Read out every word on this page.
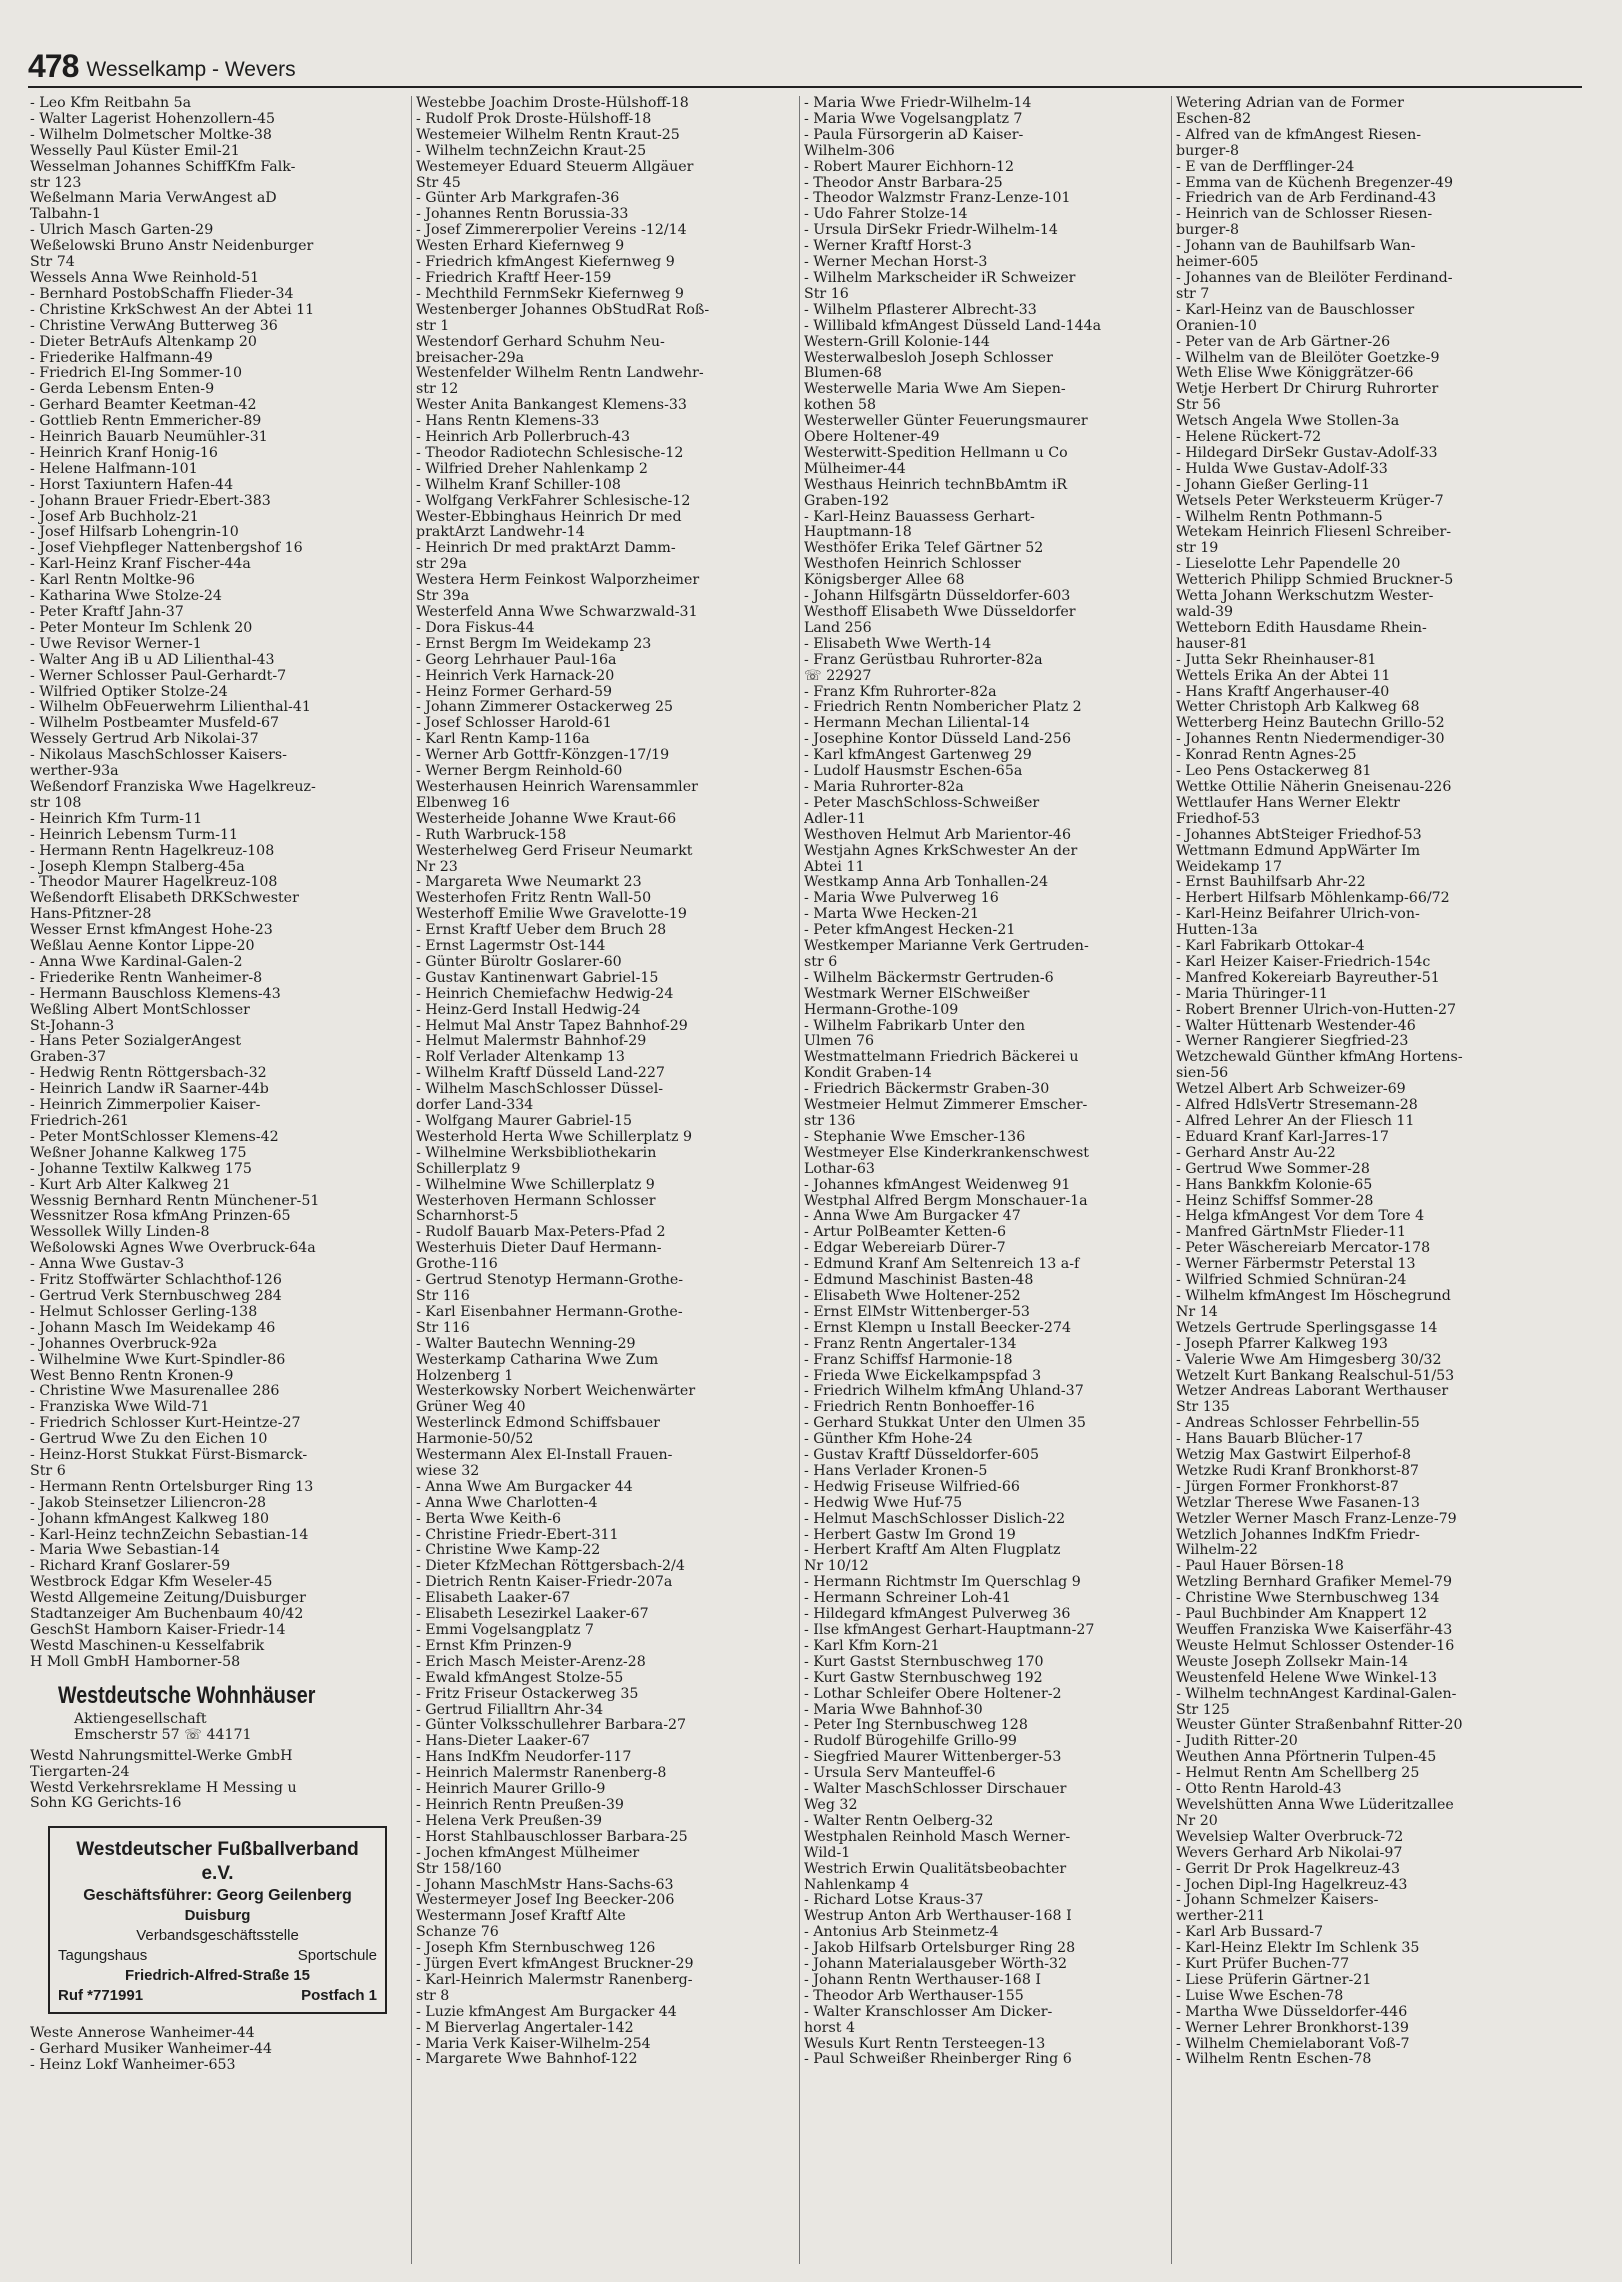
478 Wesselkamp - Wevers
- Leo Kfm Reitbahn 5a
- Walter Lagerist Hohenzollern-45
- Wilhelm Dolmetscher Moltke-38
Wesselly Paul Küster Emil-21
Wesselman Johannes SchiffKfm Falk-
str 123
Weßelmann Maria VerwAngest aD
Talbahn-1
- Ulrich Masch Garten-29
Weßelowski Bruno Anstr Neidenburger
Str 74
Wessels Anna Wwe Reinhold-51
- Bernhard PostobSchaffn Flieder-34
- Christine KrkSchwest An der Abtei 11
- Christine VerwAng Butterweg 36
- Dieter BetrAufs Altenkamp 20
- Friederike Halfmann-49
- Friedrich El-Ing Sommer-10
- Gerda Lebensm Enten-9
- Gerhard Beamter Keetman-42
- Gottlieb Rentn Emmericher-89
- Heinrich Bauarb Neumühler-31
- Heinrich Kranf Honig-16
- Helene Halfmann-101
- Horst Taxiuntern Hafen-44
- Johann Brauer Friedr-Ebert-383
- Josef Arb Buchholz-21
- Josef Hilfsarb Lohengrin-10
- Josef Viehpfleger Nattenbergshof 16
- Karl-Heinz Kranf Fischer-44a
- Karl Rentn Moltke-96
- Katharina Wwe Stolze-24
- Peter Kraftf Jahn-37
- Peter Monteur Im Schlenk 20
- Uwe Revisor Werner-1
- Walter Ang iB u AD Lilienthal-43
- Werner Schlosser Paul-Gerhardt-7
- Wilfried Optiker Stolze-24
- Wilhelm ObFeuerwehrm Lilienthal-41
- Wilhelm Postbeamter Musfeld-67
Wessely Gertrud Arb Nikolai-37
- Nikolaus MaschSchlosser Kaisers-
werther-93a
Weßendorf Franziska Wwe Hagelkreuz-
str 108
- Heinrich Kfm Turm-11
- Heinrich Lebensm Turm-11
- Hermann Rentn Hagelkreuz-108
- Joseph Klempn Stalberg-45a
- Theodor Maurer Hagelkreuz-108
Weßendorft Elisabeth DRKSchwester
Hans-Pfitzner-28
Wesser Ernst kfmAngest Hohe-23
Weßlau Aenne Kontor Lippe-20
- Anna Wwe Kardinal-Galen-2
- Friederike Rentn Wanheimer-8
- Hermann Bauschloss Klemens-43
Weßling Albert MontSchlosser
St-Johann-3
- Hans Peter SozialgerAngest
Graben-37
- Hedwig Rentn Röttgersbach-32
- Heinrich Landw iR Saarner-44b
- Heinrich Zimmerpolier Kaiser-
Friedrich-261
- Peter MontSchlosser Klemens-42
Weßner Johanne Kalkweg 175
- Johanne Textilw Kalkweg 175
- Kurt Arb Alter Kalkweg 21
Wessnig Bernhard Rentn Münchener-51
Wessnitzer Rosa kfmAng Prinzen-65
Wessollek Willy Linden-8
Weßolowski Agnes Wwe Overbruck-64a
- Anna Wwe Gustav-3
- Fritz Stoffwärter Schlachthof-126
- Gertrud Verk Sternbuschweg 284
- Helmut Schlosser Gerling-138
- Johann Masch Im Weidekamp 46
- Johannes Overbruck-92a
- Wilhelmine Wwe Kurt-Spindler-86
West Benno Rentn Kronen-9
- Christine Wwe Masurenallee 286
- Franziska Wwe Wild-71
- Friedrich Schlosser Kurt-Heintze-27
- Gertrud Wwe Zu den Eichen 10
- Heinz-Horst Stukkat Fürst-Bismarck-
Str 6
- Hermann Rentn Ortelsburger Ring 13
- Jakob Steinsetzer Liliencron-28
- Johann kfmAngest Kalkweg 180
- Karl-Heinz technZeichn Sebastian-14
- Maria Wwe Sebastian-14
- Richard Kranf Goslarer-59
Westbrock Edgar Kfm Weseler-45
Westd Allgemeine Zeitung/Duisburger
Stadtanzeiger Am Buchenbaum 40/42
GeschSt Hamborn Kaiser-Friedr-14
Westd Maschinen-u Kesselfabrik
H Moll GmbH Hamborner-58
Westdeutsche Wohnhäuser
Aktiengesellschaft
Emscherstr 57 ☏ 44171
Westd Nahrungsmittel-Werke GmbH
Tiergarten-24
Westd Verkehrsreklame H Messing u
Sohn KG Gerichts-16
Westdeutscher Fußballverband e.V.
Geschäftsführer: Georg Geilenberg
Duisburg
Verbandsgeschäftsstelle
Tagungshaus	Sportschule
Friedrich-Alfred-Straße 15
Ruf *771991	Postfach 1
Weste Annerose Wanheimer-44
- Gerhard Musiker Wanheimer-44
- Heinz Lokf Wanheimer-653
Westebbe Joachim Droste-Hülshoff-18
- Rudolf Prok Droste-Hülshoff-18
Westemeier Wilhelm Rentn Kraut-25
- Wilhelm technZeichn Kraut-25
Westemeyer Eduard Steuerm Allgäuer
Str 45
- Günter Arb Markgrafen-36
- Johannes Rentn Borussia-33
- Josef Zimmererpolier Vereins -12/14
Westen Erhard Kiefernweg 9
- Friedrich kfmAngest Kiefernweg 9
- Friedrich Kraftf Heer-159
- Mechthild FernmSekr Kiefernweg 9
Westenberger Johannes ObStudRat Roß-
str 1
Westendorf Gerhard Schuhm Neu-
breisacher-29a
Westenfelder Wilhelm Rentn Landwehr-
str 12
Wester Anita Bankangest Klemens-33
- Hans Rentn Klemens-33
- Heinrich Arb Pollerbruch-43
- Theodor Radiotechn Schlesische-12
- Wilfried Dreher Nahlenkamp 2
- Wilhelm Kranf Schiller-108
- Wolfgang VerkFahrer Schlesische-12
Wester-Ebbinghaus Heinrich Dr med
praktArzt Landwehr-14
- Heinrich Dr med praktArzt Damm-
str 29a
Westera Herm Feinkost Walporzheimer
Str 39a
Westerfeld Anna Wwe Schwarzwald-31
- Dora Fiskus-44
- Ernst Bergm Im Weidekamp 23
- Georg Lehrhauer Paul-16a
- Heinrich Verk Harnack-20
- Heinz Former Gerhard-59
- Johann Zimmerer Ostackerweg 25
- Josef Schlosser Harold-61
- Karl Rentn Kamp-116a
- Werner Arb Gottfr-Könzgen-17/19
- Werner Bergm Reinhold-60
Westerhausen Heinrich Warensammler
Elbenweg 16
Westerheide Johanne Wwe Kraut-66
- Ruth Warbruck-158
Westerhelweg Gerd Friseur Neumarkt
Nr 23
- Margareta Wwe Neumarkt 23
Westerhofen Fritz Rentn Wall-50
Westerhoff Emilie Wwe Gravelotte-19
- Ernst Kraftf Ueber dem Bruch 28
- Ernst Lagermstr Ost-144
- Günter Büroltr Goslarer-60
- Gustav Kantinenwart Gabriel-15
- Heinrich Chemiefachw Hedwig-24
- Heinz-Gerd Install Hedwig-24
- Helmut Mal Anstr Tapez Bahnhof-29
- Helmut Malermstr Bahnhof-29
- Rolf Verlader Altenkamp 13
- Wilhelm Kraftf Düsseld Land-227
- Wilhelm MaschSchlosser Düssel-
dorfer Land-334
- Wolfgang Maurer Gabriel-15
Westerhold Herta Wwe Schillerplatz 9
- Wilhelmine Werksbibliothekarin
Schillerplatz 9
- Wilhelmine Wwe Schillerplatz 9
Westerhoven Hermann Schlosser
Scharnhorst-5
- Rudolf Bauarb Max-Peters-Pfad 2
Westerhuis Dieter Dauf Hermann-
Grothe-116
- Gertrud Stenotyp Hermann-Grothe-
Str 116
- Karl Eisenbahner Hermann-Grothe-
Str 116
- Walter Bautechn Wenning-29
Westerkamp Catharina Wwe Zum
Holzenberg 1
Westerkowsky Norbert Weichenwärter
Grüner Weg 40
Westerlinck Edmond Schiffsbauer
Harmonie-50/52
Westermann Alex El-Install Frauen-
wiese 32
- Anna Wwe Am Burgacker 44
- Anna Wwe Charlotten-4
- Berta Wwe Keith-6
- Christine Friedr-Ebert-311
- Christine Wwe Kamp-22
- Dieter KfzMechan Röttgersbach-2/4
- Dietrich Rentn Kaiser-Friedr-207a
- Elisabeth Laaker-67
- Elisabeth Lesezirkel Laaker-67
- Emmi Vogelsangplatz 7
- Ernst Kfm Prinzen-9
- Erich Masch Meister-Arenz-28
- Ewald kfmAngest Stolze-55
- Fritz Friseur Ostackerweg 35
- Gertrud Filialltrn Ahr-34
- Günter Volksschullehrer Barbara-27
- Hans-Dieter Laaker-67
- Hans IndKfm Neudorfer-117
- Heinrich Malermstr Ranenberg-8
- Heinrich Maurer Grillo-9
- Heinrich Rentn Preußen-39
- Helena Verk Preußen-39
- Horst Stahlbauschlosser Barbara-25
- Jochen kfmAngest Mülheimer
Str 158/160
- Johann MaschMstr Hans-Sachs-63
Westermeyer Josef Ing Beecker-206
Westermann Josef Kraftf Alte
Schanze 76
- Joseph Kfm Sternbuschweg 126
- Jürgen Evert kfmAngest Bruckner-29
- Karl-Heinrich Malermstr Ranenberg-
str 8
- Luzie kfmAngest Am Burgacker 44
- M Bierverlag Angertaler-142
- Maria Verk Kaiser-Wilhelm-254
- Margarete Wwe Bahnhof-122
- Maria Wwe Friedr-Wilhelm-14
- Maria Wwe Vogelsangplatz 7
- Paula Fürsorgerin aD Kaiser-
Wilhelm-306
- Robert Maurer Eichhorn-12
- Theodor Anstr Barbara-25
- Theodor Walzmstr Franz-Lenze-101
- Udo Fahrer Stolze-14
- Ursula DirSekr Friedr-Wilhelm-14
- Werner Kraftf Horst-3
- Werner Mechan Horst-3
- Wilhelm Markscheider iR Schweizer
Str 16
- Wilhelm Pflasterer Albrecht-33
- Willibald kfmAngest Düsseld Land-144a
Western-Grill Kolonie-144
Westerwalbesloh Joseph Schlosser
Blumen-68
Westerwelle Maria Wwe Am Siepen-
kothen 58
Westerweller Günter Feuerungsmaurer
Obere Holtener-49
Westerwitt-Spedition Hellmann u Co
Mülheimer-44
Westhaus Heinrich technBbAmtm iR
Graben-192
- Karl-Heinz Bauassess Gerhart-
Hauptmann-18
Westhöfer Erika Telef Gärtner 52
Westhofen Heinrich Schlosser
Königsberger Allee 68
- Johann Hilfsgärtn Düsseldorfer-603
Westhoff Elisabeth Wwe Düsseldorfer
Land 256
- Elisabeth Wwe Werth-14
- Franz Gerüstbau Ruhrorter-82a
☏ 22927
- Franz Kfm Ruhrorter-82a
- Friedrich Rentn Nombericher Platz 2
- Hermann Mechan Liliental-14
- Josephine Kontor Düsseld Land-256
- Karl kfmAngest Gartenweg 29
- Ludolf Hausmstr Eschen-65a
- Maria Ruhrorter-82a
- Peter MaschSchloss-Schweißer
Adler-11
Westhoven Helmut Arb Marientor-46
Westjahn Agnes KrkSchwester An der
Abtei 11
Westkamp Anna Arb Tonhallen-24
- Maria Wwe Pulverweg 16
- Marta Wwe Hecken-21
- Peter kfmAngest Hecken-21
Westkemper Marianne Verk Gertruden-
str 6
- Wilhelm Bäckermstr Gertruden-6
Westmark Werner ElSchweißer
Hermann-Grothe-109
- Wilhelm Fabrikarb Unter den
Ulmen 76
Westmattelmann Friedrich Bäckerei u
Kondit Graben-14
- Friedrich Bäckermstr Graben-30
Westmeier Helmut Zimmerer Emscher-
str 136
- Stephanie Wwe Emscher-136
Westmeyer Else Kinderkrankenschwest
Lothar-63
- Johannes kfmAngest Weidenweg 91
Westphal Alfred Bergm Monschauer-1a
- Anna Wwe Am Burgacker 47
- Artur PolBeamter Ketten-6
- Edgar Webereiarb Dürer-7
- Edmund Kranf Am Seltenreich 13 a-f
- Edmund Maschinist Basten-48
- Elisabeth Wwe Holtener-252
- Ernst ElMstr Wittenberger-53
- Ernst Klempn u Install Beecker-274
- Franz Rentn Angertaler-134
- Franz Schiffsf Harmonie-18
- Frieda Wwe Eickelkampspfad 3
- Friedrich Wilhelm kfmAng Uhland-37
- Friedrich Rentn Bonhoeffer-16
- Gerhard Stukkat Unter den Ulmen 35
- Günther Kfm Hohe-24
- Gustav Kraftf Düsseldorfer-605
- Hans Verlader Kronen-5
- Hedwig Friseuse Wilfried-66
- Hedwig Wwe Huf-75
- Helmut MaschSchlosser Dislich-22
- Herbert Gastw Im Grond 19
- Herbert Kraftf Am Alten Flugplatz
Nr 10/12
- Hermann Richtmstr Im Querschlag 9
- Hermann Schreiner Loh-41
- Hildegard kfmAngest Pulverweg 36
- Ilse kfmAngest Gerhart-Hauptmann-27
- Karl Kfm Korn-21
- Kurt Gastst Sternbuschweg 170
- Kurt Gastw Sternbuschweg 192
- Lothar Schleifer Obere Holtener-2
- Maria Wwe Bahnhof-30
- Peter Ing Sternbuschweg 128
- Rudolf Bürogehilfe Grillo-99
- Siegfried Maurer Wittenberger-53
- Ursula Serv Manteuffel-6
- Walter MaschSchlosser Dirschauer
Weg 32
- Walter Rentn Oelberg-32
Westphalen Reinhold Masch Werner-
Wild-1
Westrich Erwin Qualitätsbeobachter
Nahlenkamp 4
- Richard Lotse Kraus-37
Westrup Anton Arb Werthauser-168 I
- Antonius Arb Steinmetz-4
- Jakob Hilfsarb Ortelsburger Ring 28
- Johann Materialausgeber Wörth-32
- Johann Rentn Werthauser-168 I
- Theodor Arb Werthauser-155
- Walter Kranschlosser Am Dicker-
horst 4
Wesuls Kurt Rentn Tersteegen-13
- Paul Schweißer Rheinberger Ring 6
Wetering Adrian van de Former
Eschen-82
- Alfred van de kfmAngest Riesen-
burger-8
- E van de Derfflinger-24
- Emma van de Küchenh Bregenzer-49
- Friedrich van de Arb Ferdinand-43
- Heinrich van de Schlosser Riesen-
burger-8
- Johann van de Bauhilfsarb Wan-
heimer-605
- Johannes van de Bleilöter Ferdinand-
str 7
- Karl-Heinz van de Bauschlosser
Oranien-10
- Peter van de Arb Gärtner-26
- Wilhelm van de Bleilöter Goetzke-9
Weth Elise Wwe Königgrätzer-66
Wetje Herbert Dr Chirurg Ruhrorter
Str 56
Wetsch Angela Wwe Stollen-3a
- Helene Rückert-72
- Hildegard DirSekr Gustav-Adolf-33
- Hulda Wwe Gustav-Adolf-33
- Johann Gießer Gerling-11
Wetsels Peter Werksteuerm Krüger-7
- Wilhelm Rentn Pothmann-5
Wetekam Heinrich Fliesenl Schreiber-
str 19
- Lieselotte Lehr Papendelle 20
Wetterich Philipp Schmied Bruckner-5
Wetta Johann Werkschutzm Wester-
wald-39
Wetteborn Edith Hausdame Rhein-
hauser-81
- Jutta Sekr Rheinhauser-81
Wettels Erika An der Abtei 11
- Hans Kraftf Angerhauser-40
Wetter Christoph Arb Kalkweg 68
Wetterberg Heinz Bautechn Grillo-52
- Johannes Rentn Niedermendiger-30
- Konrad Rentn Agnes-25
- Leo Pens Ostackerweg 81
Wettke Ottilie Näherin Gneisenau-226
Wettlaufer Hans Werner Elektr
Friedhof-53
- Johannes AbtSteiger Friedhof-53
Wettmann Edmund AppWärter Im
Weidekamp 17
- Ernst Bauhilfsarb Ahr-22
- Herbert Hilfsarb Möhlenkamp-66/72
- Karl-Heinz Beifahrer Ulrich-von-
Hutten-13a
- Karl Fabrikarb Ottokar-4
- Karl Heizer Kaiser-Friedrich-154c
- Manfred Kokereiarb Bayreuther-51
- Maria Thüringer-11
- Robert Brenner Ulrich-von-Hutten-27
- Walter Hüttenarb Westender-46
- Werner Rangierer Siegfried-23
Wetzchewald Günther kfmAng Hortens-
sien-56
Wetzel Albert Arb Schweizer-69
- Alfred HdlsVertr Stresemann-28
- Alfred Lehrer An der Fliesch 11
- Eduard Kranf Karl-Jarres-17
- Gerhard Anstr Au-22
- Gertrud Wwe Sommer-28
- Hans Bankkfm Kolonie-65
- Heinz Schiffsf Sommer-28
- Helga kfmAngest Vor dem Tore 4
- Manfred GärtnMstr Flieder-11
- Peter Wäschereiarb Mercator-178
- Werner Färbermstr Peterstal 13
- Wilfried Schmied Schnüran-24
- Wilhelm kfmAngest Im Höschegrund
Nr 14
Wetzels Gertrude Sperlingsgasse 14
- Joseph Pfarrer Kalkweg 193
- Valerie Wwe Am Himgesberg 30/32
Wetzelt Kurt Bankang Realschul-51/53
Wetzer Andreas Laborant Werthauser
Str 135
- Andreas Schlosser Fehrbellin-55
- Hans Bauarb Blücher-17
Wetzig Max Gastwirt Eilperhof-8
Wetzke Rudi Kranf Bronkhorst-87
- Jürgen Former Fronkhorst-87
Wetzlar Therese Wwe Fasanen-13
Wetzler Werner Masch Franz-Lenze-79
Wetzlich Johannes IndKfm Friedr-
Wilhelm-22
- Paul Hauer Börsen-18
Wetzling Bernhard Grafiker Memel-79
- Christine Wwe Sternbuschweg 134
- Paul Buchbinder Am Knappert 12
Weuffen Franziska Wwe Kaiserfähr-43
Weuste Helmut Schlosser Ostender-16
Weuste Joseph Zollsekr Main-14
Weustenfeld Helene Wwe Winkel-13
- Wilhelm technAngest Kardinal-Galen-
Str 125
Weuster Günter Straßenbahnf Ritter-20
- Judith Ritter-20
Weuthen Anna Pförtnerin Tulpen-45
- Helmut Rentn Am Schellberg 25
- Otto Rentn Harold-43
Wevelshütten Anna Wwe Lüderitzallee
Nr 20
Wevelsiep Walter Overbruck-72
Wevers Gerhard Arb Nikolai-97
- Gerrit Dr Prok Hagelkreuz-43
- Jochen Dipl-Ing Hagelkreuz-43
- Johann Schmelzer Kaisers-
werther-211
- Karl Arb Bussard-7
- Karl-Heinz Elektr Im Schlenk 35
- Kurt Prüfer Buchen-77
- Liese Prüferin Gärtner-21
- Luise Wwe Eschen-78
- Martha Wwe Düsseldorfer-446
- Werner Lehrer Bronkhorst-139
- Wilhelm Chemielaborant Voß-7
- Wilhelm Rentn Eschen-78
